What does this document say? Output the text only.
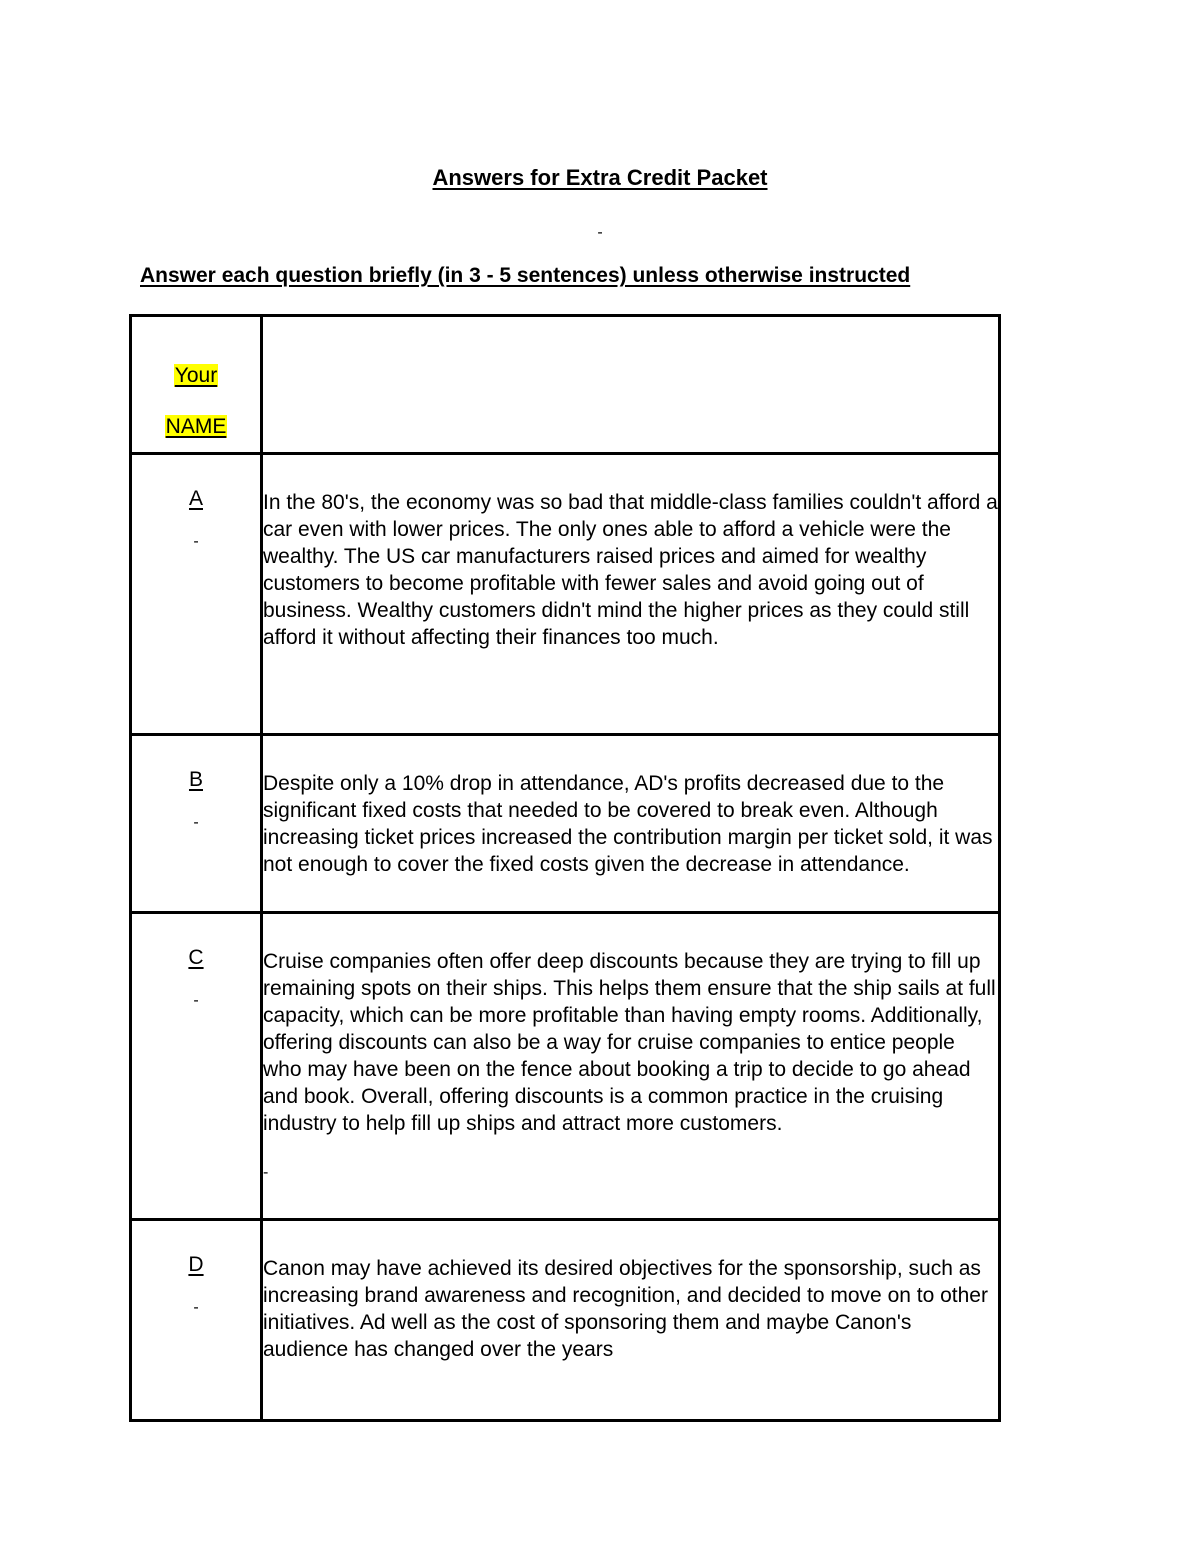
Answers for Extra Credit Packet
-
Answer each question briefly (in 3 - 5 sentences) unless otherwise instructed
Your
NAME	

A
-	In the 80's, the economy was so bad that middle-class families couldn't afford a car even with lower prices. The only ones able to afford a vehicle were the wealthy. The US car manufacturers raised prices and aimed for wealthy customers to become profitable with fewer sales and avoid going out of business. Wealthy customers didn't mind the higher prices as they could still afford it without affecting their finances too much.

B
-	Despite only a 10% drop in attendance, AD's profits decreased due to the significant fixed costs that needed to be covered to break even. Although increasing ticket prices increased the contribution margin per ticket sold, it was not enough to cover the fixed costs given the decrease in attendance.

C
-	Cruise companies often offer deep discounts because they are trying to fill up remaining spots on their ships. This helps them ensure that the ship sails at full capacity, which can be more profitable than having empty rooms. Additionally, offering discounts can also be a way for cruise companies to entice people who may have been on the fence about booking a trip to decide to go ahead and book. Overall, offering discounts is a common practice in the cruising industry to help fill up ships and attract more customers.
-

D
-	Canon may have achieved its desired objectives for the sponsorship, such as increasing brand awareness and recognition, and decided to move on to other initiatives. Ad well as the cost of sponsoring them and maybe Canon's audience has changed over the years
